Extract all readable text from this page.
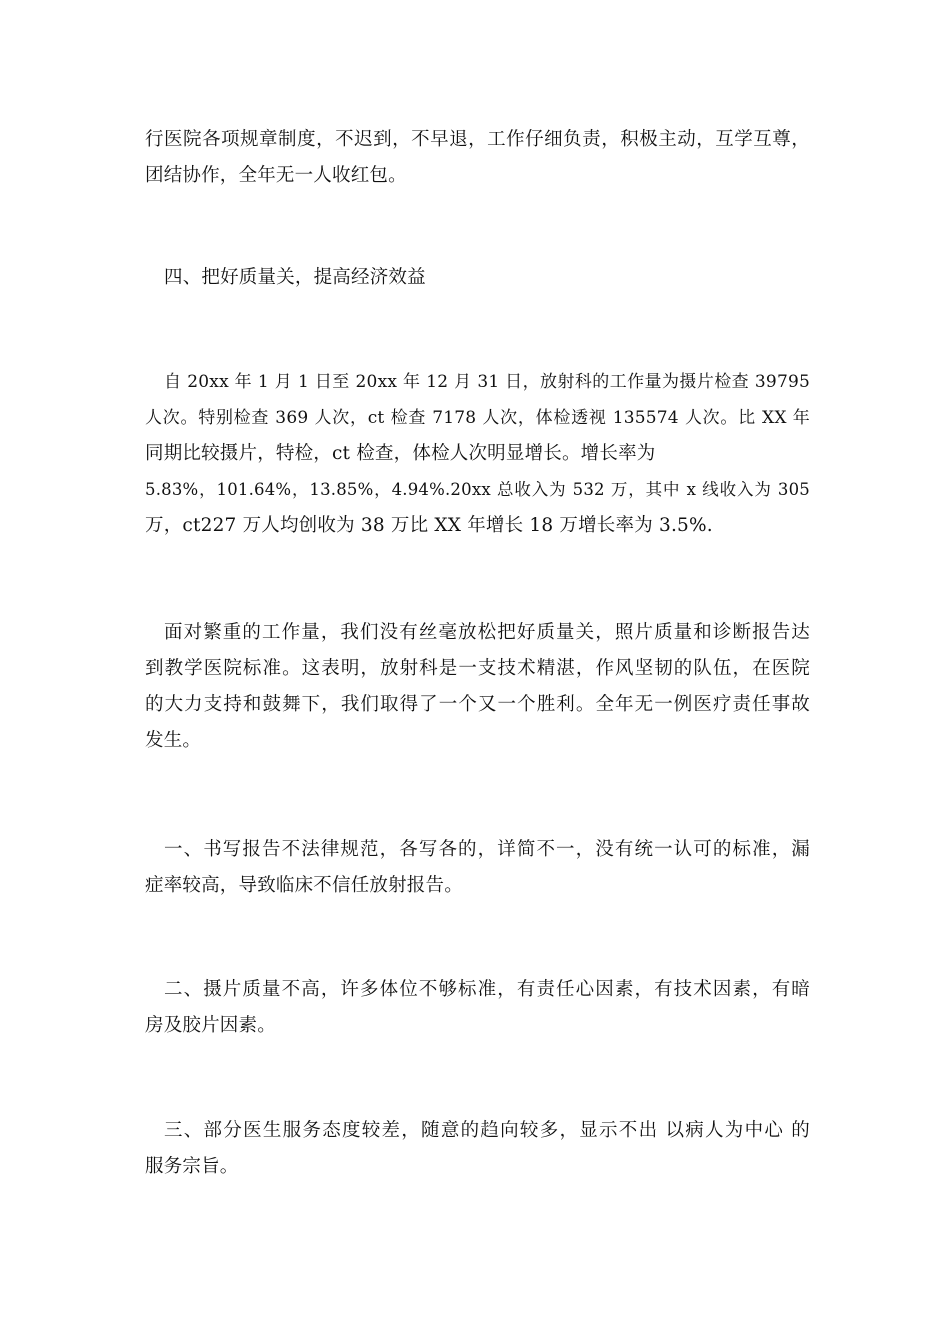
行医院各项规章制度，不迟到，不早退，工作仔细负责，积极主动，互学互尊，
团结协作，全年无一人收红包。
四、把好质量关，提高经济效益
自 20xx 年 1 月 1 日至 20xx 年 12 月 31 日，放射科的工作量为摄片检查 39795
人次。特别检查 369 人次，ct 检查 7178 人次，体检透视 135574 人次。比 XX 年
同期比较摄片，特检，ct 检查，体检人次明显增长。增长率为
5.83%，101.64%，13.85%，4.94%.20xx 总收入为 532 万，其中 x 线收入为 305
万，ct227 万人均创收为 38 万比 XX 年增长 18 万增长率为 3.5%.
面对繁重的工作量，我们没有丝毫放松把好质量关，照片质量和诊断报告达
到教学医院标准。这表明，放射科是一支技术精湛，作风坚韧的队伍，在医院
的大力支持和鼓舞下，我们取得了一个又一个胜利。全年无一例医疗责任事故
发生。
一、书写报告不法律规范，各写各的，详简不一，没有统一认可的标准，漏
症率较高，导致临床不信任放射报告。
二、摄片质量不高，许多体位不够标准，有责任心因素，有技术因素，有暗
房及胶片因素。
三、部分医生服务态度较差，随意的趋向较多，显示不出 以病人为中心 的
服务宗旨。
